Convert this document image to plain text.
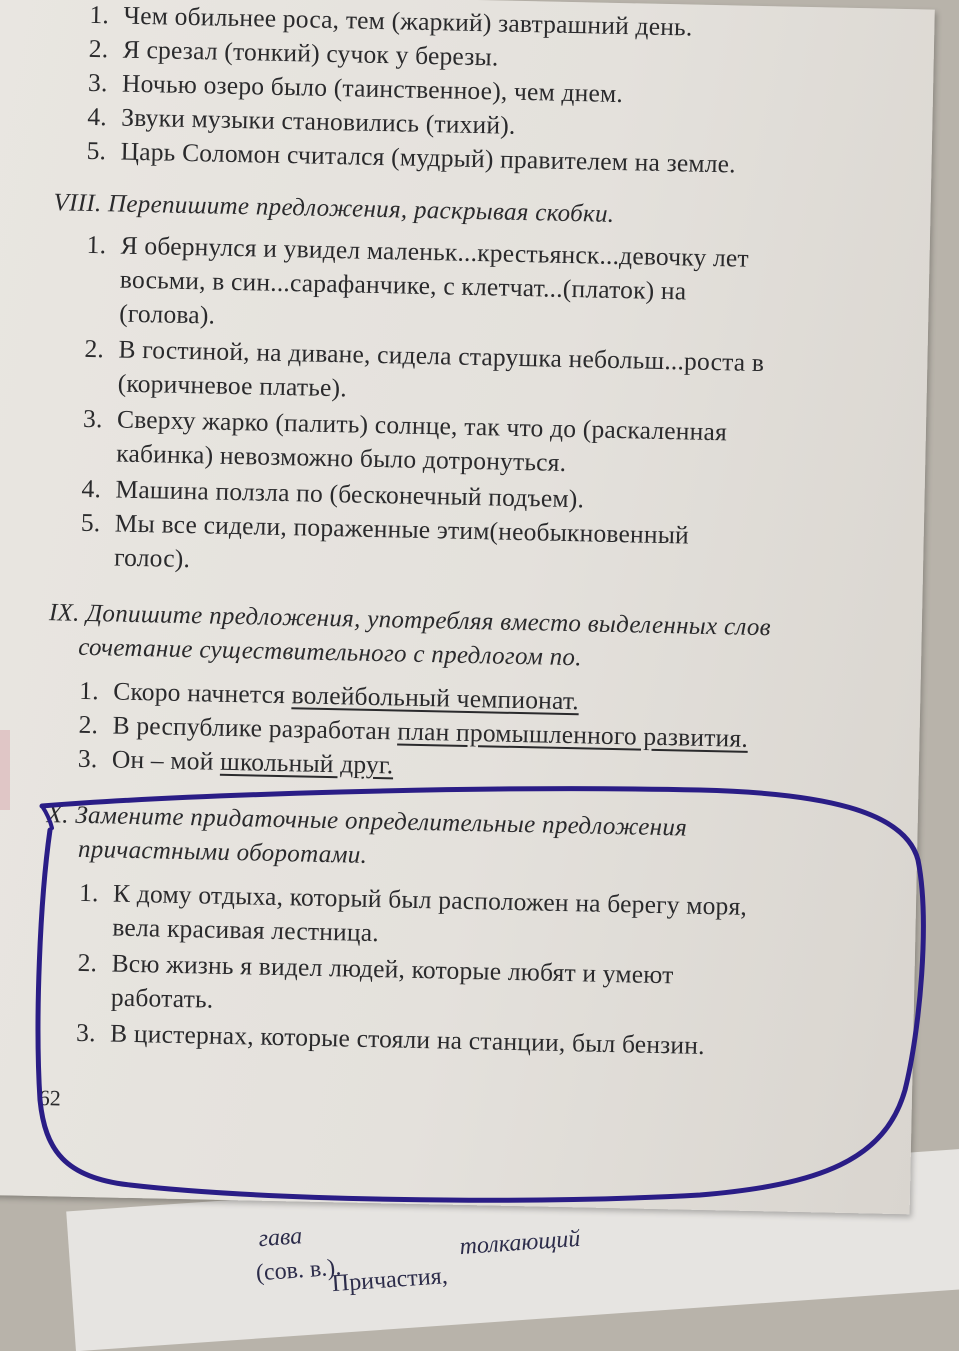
гава
(сов. в.).
Причастия,
толкающий
1. Чем обильнее роса, тем (жаркий) завтрашний день.
2. Я срезал (тонкий) сучок у березы.
3. Ночью озеро было (таинственное), чем днем.
4. Звуки музыки становились (тихий).
5. Царь Соломон считался (мудрый) правителем на земле.
VIII. Перепишите предложения, раскрывая скобки.
1. Я обернулся и увидел маленьк...крестьянск...девочку лет
восьми, в син...сарафанчике, с клетчат...(платок) на
(голова).
2. В гостиной, на диване, сидела старушка небольш...роста в
(коричневое платье).
3. Сверху жарко (палить) солнце, так что до (раскаленная
кабинка) невозможно было дотронуться.
4. Машина ползла по (бесконечный подъем).
5. Мы все сидели, пораженные этим(необыкновенный
голос).
IX. Допишите предложения, употребляя вместо выделенных слов
сочетание существительного с предлогом по.
1. Скоро начнется волейбольный чемпионат.
2. В республике разработан план промышленного развития.
3. Он – мой школьный друг.
X. Замените придаточные определительные предложения
причастными оборотами.
1. К дому отдыха, который был расположен на берегу моря,
вела красивая лестница.
2. Всю жизнь я видел людей, которые любят и умеют
работать.
3. В цистернах, которые стояли на станции, был бензин.
62
